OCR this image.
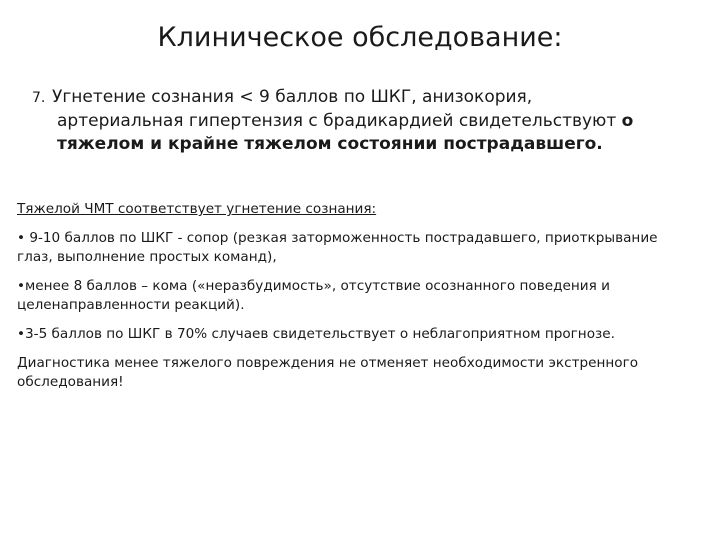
Клиническое обследование:
7. Угнетение сознания < 9 баллов по ШКГ, анизокория,
артериальная гипертензия с брадикардией свидетельствуют о
тяжелом и крайне тяжелом состоянии пострадавшего.

Тяжелой ЧМТ соответствует угнетение сознания:

• 9-10 баллов по ШКГ - сопор (резкая заторможенность пострадавшего, приоткрывание глаз, выполнение простых команд),

•менее 8 баллов – кома («неразбудимость», отсутствие осознанного поведения и целенаправленности реакций).

•3-5 баллов по ШКГ в 70% случаев свидетельствует о неблагоприятном прогнозе.

Диагностика менее тяжелого повреждения не отменяет необходимости экстренного обследования!
